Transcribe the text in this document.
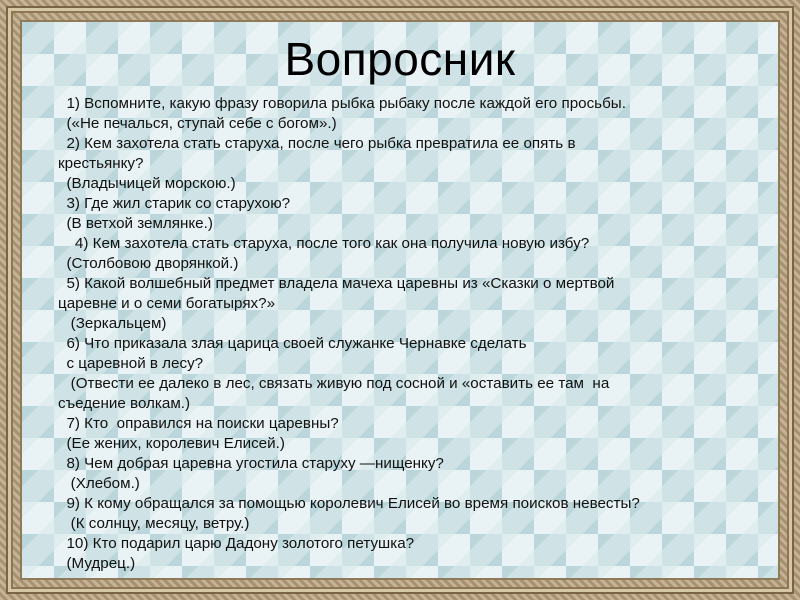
Вопросник
1) Вспомните, какую фразу говорила рыбка рыбаку после каждой его просьбы.
(«Не печалься, ступай себе с богом».)
2) Кем захотела стать старуха, после чего рыбка превратила ее опять в
крестьянку?
(Владычицей морскою.)
3) Где жил старик со старухою?
(В ветхой землянке.)
4) Кем захотела стать старуха, после того как она получила новую избу?
(Столбовою дворянкой.)
5) Какой волшебный предмет владела мачеха царевны из «Сказки о мертвой
царевне и о семи богатырях?»
(Зеркальцем)
6) Что приказала злая царица своей служанке Чернавке сделать
с царевной в лесу?
(Отвести ее далеко в лес, связать живую под сосной и «оставить ее там  на
съедение волкам.)
7) Кто  оправился на поиски царевны?
(Ее жених, королевич Елисей.)
8) Чем добрая царевна угостила старуху —нищенку?
(Хлебом.)
9) К кому обращался за помощью королевич Елисей во время поисков невесты?
(К солнцу, месяцу, ветру.)
10) Кто подарил царю Дадону золотого петушка?
(Мудрец.)
